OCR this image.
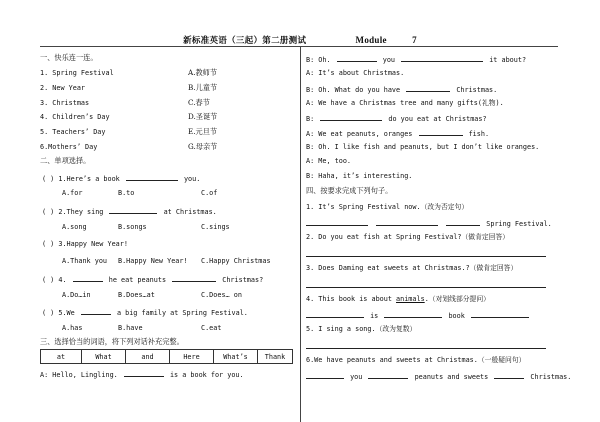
新标准英语（三起）第二册测试	Module	7
一、快乐连一连。
1. Spring Festival	A.教师节
2. New Year	B.儿童节
3. Christmas	C.春节
4. Children’s Day	D.圣诞节
5. Teachers’ Day	E.元旦节
6.Mothers’ Day	G.母亲节
二、单项选择。
( ) 1.Here’s a book	you.
A.for	B.to	C.of
( ) 2.They sing	at Christmas.
A.song	B.songs	C.sings
( ) 3.Happy New Year!
A.Thank you B.Happy New Year! C.Happy Christmas
( ) 4.	he eat peanuts	Christmas?
A.Do…in	B.Does…at	C.Does… on
( ) 5.We	a big family at Spring Festival.
A.has	B.have	C.eat
三、选择恰当的词语，将下列对话补充完整。
at	What	and	Here	What’s	Thank
A: Hello, Lingling.	is a book for you.
B: Oh.	you	it about?
A: It’s about Christmas.
B: Oh. What do you have	Christmas.
A: We have a Christmas tree and many gifts(礼物).
B:	do you eat at Christmas?
A: We eat peanuts, oranges	fish.
B: Oh. I like fish and peanuts, but I don’t like oranges.
A: Me, too.
B: Haha, it’s interesting.
四、按要求完成下列句子。
1. It’s Spring Festival now.（改为否定句）
Spring Festival.
2. Do you eat fish at Spring Festival?（做肯定回答）
3. Does Daming eat sweets at Christmas.?（做肯定回答）
4. This book is about animals.（对划线部分提问）
is	book
5. I sing a song.（改为复数）
6.We have peanuts and sweets at Christmas.（一般疑问句）
you	peanuts and sweets	Christmas.
